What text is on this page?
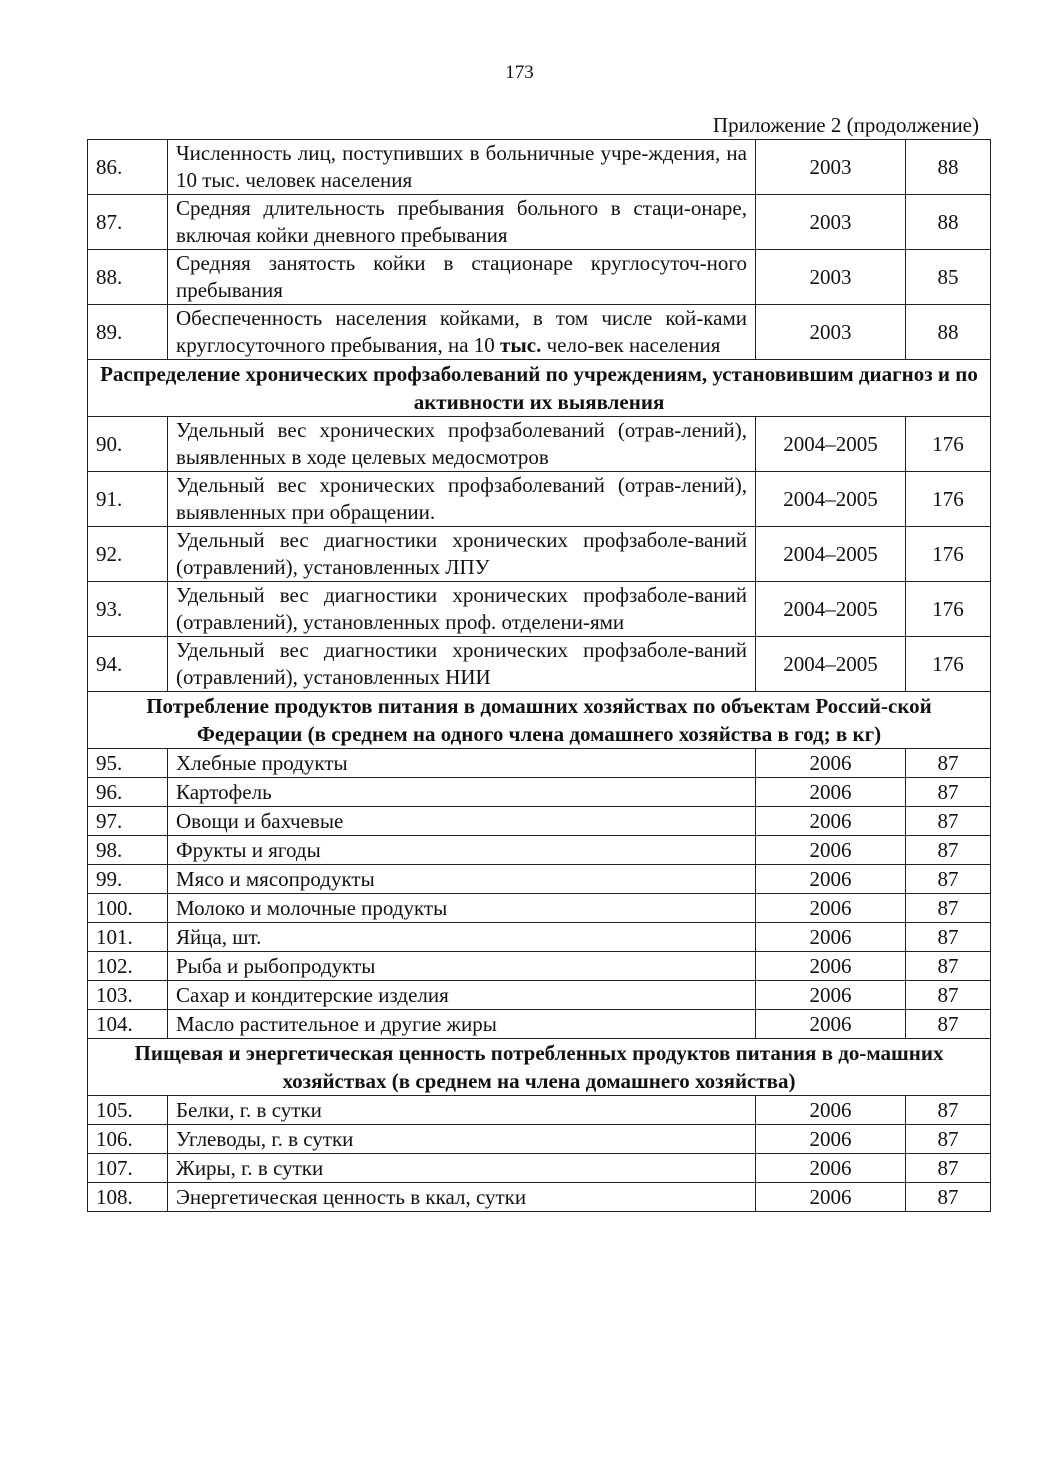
173
Приложение 2 (продолжение)
86.	Численность лиц, поступивших в больничные учре-ждения, на 10 тыс. человек населения	2003	88
87.	Средняя длительность пребывания больного в стаци-онаре, включая койки дневного пребывания	2003	88
88.	Средняя занятость койки в стационаре круглосуточ-ного пребывания	2003	85
89.	Обеспеченность населения койками, в том числе кой-ками круглосуточного пребывания, на 10 тыс. чело-век населения	2003	88
Распределение хронических профзаболеваний по учреждениям, установившим диагноз и по активности их выявления			
90.	Удельный вес хронических профзаболеваний (отрав-лений), выявленных в ходе целевых медосмотров	2004–2005	176
91.	Удельный вес хронических профзаболеваний (отрав-лений), выявленных при обращении.	2004–2005	176
92.	Удельный вес диагностики хронических профзаболе-ваний (отравлений), установленных ЛПУ	2004–2005	176
93.	Удельный вес диагностики хронических профзаболе-ваний (отравлений), установленных проф. отделени-ями	2004–2005	176
94.	Удельный вес диагностики хронических профзаболе-ваний (отравлений), установленных НИИ	2004–2005	176
Потребление продуктов питания в домашних хозяйствах по объектам Россий-ской Федерации (в среднем на одного члена домашнего хозяйства в год; в кг)			
95.	Хлебные продукты	2006	87
96.	Картофель	2006	87
97.	Овощи и бахчевые	2006	87
98.	Фрукты и ягоды	2006	87
99.	Мясо и мясопродукты	2006	87
100.	Молоко и молочные продукты	2006	87
101.	Яйца, шт.	2006	87
102.	Рыба и рыбопродукты	2006	87
103.	Сахар и кондитерские изделия	2006	87
104.	Масло растительное и другие жиры	2006	87
Пищевая и энергетическая ценность потребленных продуктов питания в до-машних хозяйствах (в среднем на члена домашнего хозяйства)			
105.	Белки, г. в сутки	2006	87
106.	Углеводы, г. в сутки	2006	87
107.	Жиры, г. в сутки	2006	87
108.	Энергетическая ценность в ккал, сутки	2006	87
